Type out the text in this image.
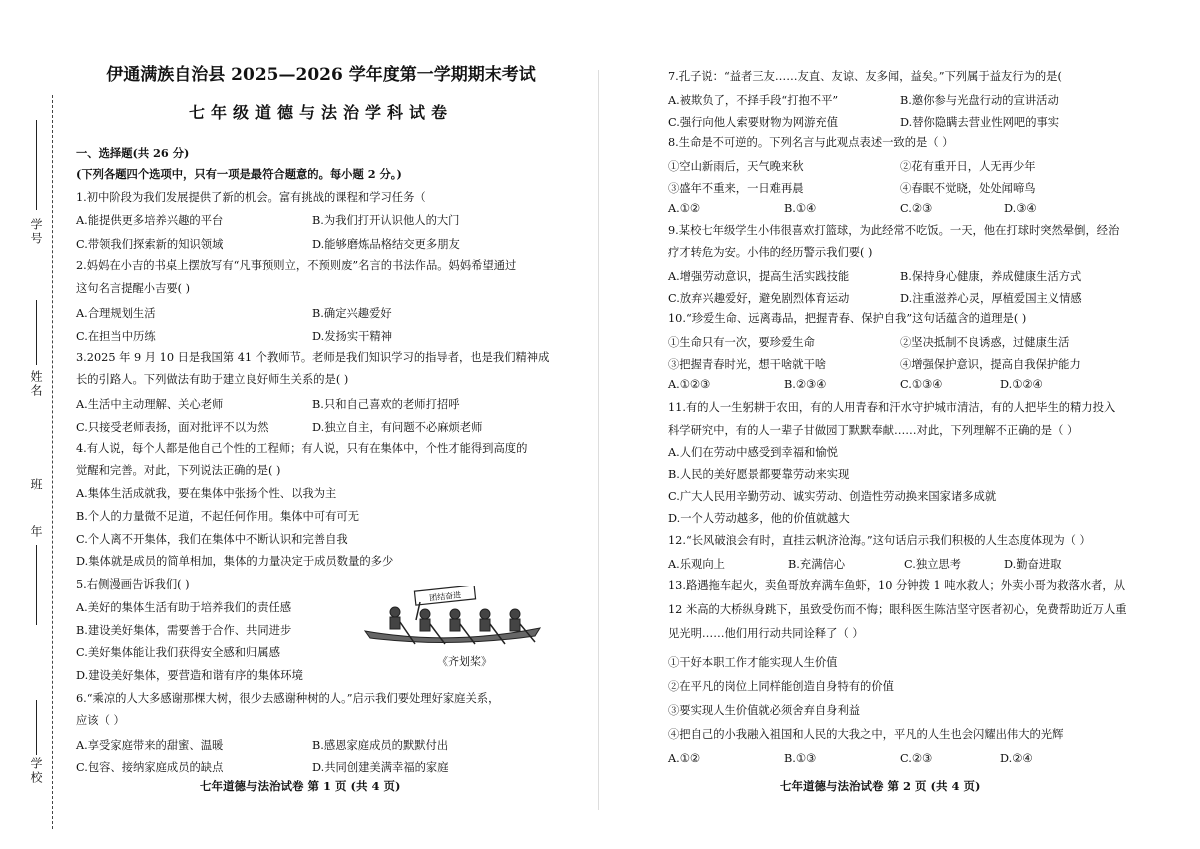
学校
年
班
姓名
学号
伊通满族自治县 2025—2026 学年度第一学期期末考试
七年级道德与法治学科试卷
一、选择题(共 26 分)
(下列各题四个选项中，只有一项是最符合题意的。每小题 2 分。)
1.初中阶段为我们发展提供了新的机会。富有挑战的课程和学习任务（
A.能提供更多培养兴趣的平台	B.为我们打开认识他人的大门
C.带领我们探索新的知识领域	D.能够磨炼品格结交更多朋友
2.妈妈在小吉的书桌上摆放写有“凡事预则立，不预则废”名言的书法作品。妈妈希望通过
这句名言提醒小吉要( )
A.合理规划生活	B.确定兴趣爱好
C.在担当中历练	D.发扬实干精神
3.2025 年 9 月 10 日是我国第 41 个教师节。老师是我们知识学习的指导者，也是我们精神成
长的引路人。下列做法有助于建立良好师生关系的是( )
A.生活中主动理解、关心老师	B.只和自己喜欢的老师打招呼
C.只接受老师表扬，面对批评不以为然	D.独立自主，有问题不必麻烦老师
4.有人说，每个人都是他自己个性的工程师；有人说，只有在集体中，个性才能得到高度的
觉醒和完善。对此，下列说法正确的是( )
A.集体生活成就我，要在集体中张扬个性、以我为主
B.个人的力量微不足道，不起任何作用。集体中可有可无
C.个人离不开集体，我们在集体中不断认识和完善自我
D.集体就是成员的简单相加，集体的力量决定于成员数量的多少
5.右侧漫画告诉我们( )
A.美好的集体生活有助于培养我们的责任感
B.建设美好集体，需要善于合作、共同进步
C.美好集体能让我们获得安全感和归属感
D.建设美好集体，要营造和谐有序的集体环境
团结奋进
《齐划桨》
6.“乘凉的人大多感谢那棵大树，很少去感谢种树的人。”启示我们要处理好家庭关系，
应该（ ）
A.享受家庭带来的甜蜜、温暖	B.感恩家庭成员的默默付出
C.包容、接纳家庭成员的缺点	D.共同创建美满幸福的家庭
七年道德与法治试卷 第 1 页 (共 4 页)
7.孔子说：“益者三友……友直、友谅、友多闻，益矣。”下列属于益友行为的是(
A.被欺负了，不择手段“打抱不平”	B.邀你参与光盘行动的宣讲活动
C.强行向他人索要财物为网游充值	D.替你隐瞒去营业性网吧的事实
8.生命是不可逆的。下列名言与此观点表述一致的是（ ）
①空山新雨后，天气晚来秋	②花有重开日，人无再少年
③盛年不重来，一日难再晨	④春眠不觉晓，处处闻啼鸟
A.①②	B.①④	C.②③	D.③④
9.某校七年级学生小伟很喜欢打篮球，为此经常不吃饭。一天，他在打球时突然晕倒，经治
疗才转危为安。小伟的经历警示我们要( )
A.增强劳动意识，提高生活实践技能	B.保持身心健康，养成健康生活方式
C.放弃兴趣爱好，避免剧烈体育运动	D.注重滋养心灵，厚植爱国主义情感
10.“珍爱生命、远离毒品，把握青春、保护自我”这句话蕴含的道理是( )
①生命只有一次，要珍爱生命	②坚决抵制不良诱惑，过健康生活
③把握青春时光，想干啥就干啥	④增强保护意识，提高自我保护能力
A.①②③	B.②③④	C.①③④	D.①②④
11.有的人一生躬耕于农田，有的人用青春和汗水守护城市清洁，有的人把毕生的精力投入
科学研究中，有的人一辈子甘做园丁默默奉献……对此，下列理解不正确的是（ ）
A.人们在劳动中感受到幸福和愉悦
B.人民的美好愿景都要靠劳动来实现
C.广大人民用辛勤劳动、诚实劳动、创造性劳动换来国家诸多成就
D.一个人劳动越多，他的价值就越大
12.“长风破浪会有时，直挂云帆济沧海。”这句话启示我们积极的人生态度体现为（ ）
A.乐观向上	B.充满信心	C.独立思考	D.勤奋进取
13.路遇拖车起火，卖鱼哥放弃满车鱼虾，10 分钟拨 1 吨水救人；外卖小哥为救落水者，从
12 米高的大桥纵身跳下，虽致受伤而不悔；眼科医生陈洁坚守医者初心，免费帮助近万人重
见光明……他们用行动共同诠释了（ ）
①干好本职工作才能实现人生价值
②在平凡的岗位上同样能创造自身特有的价值
③要实现人生价值就必须舍弃自身利益
④把自己的小我融入祖国和人民的大我之中，平凡的人生也会闪耀出伟大的光辉
A.①②	B.①③	C.②③	D.②④
七年道德与法治试卷 第 2 页 (共 4 页)
